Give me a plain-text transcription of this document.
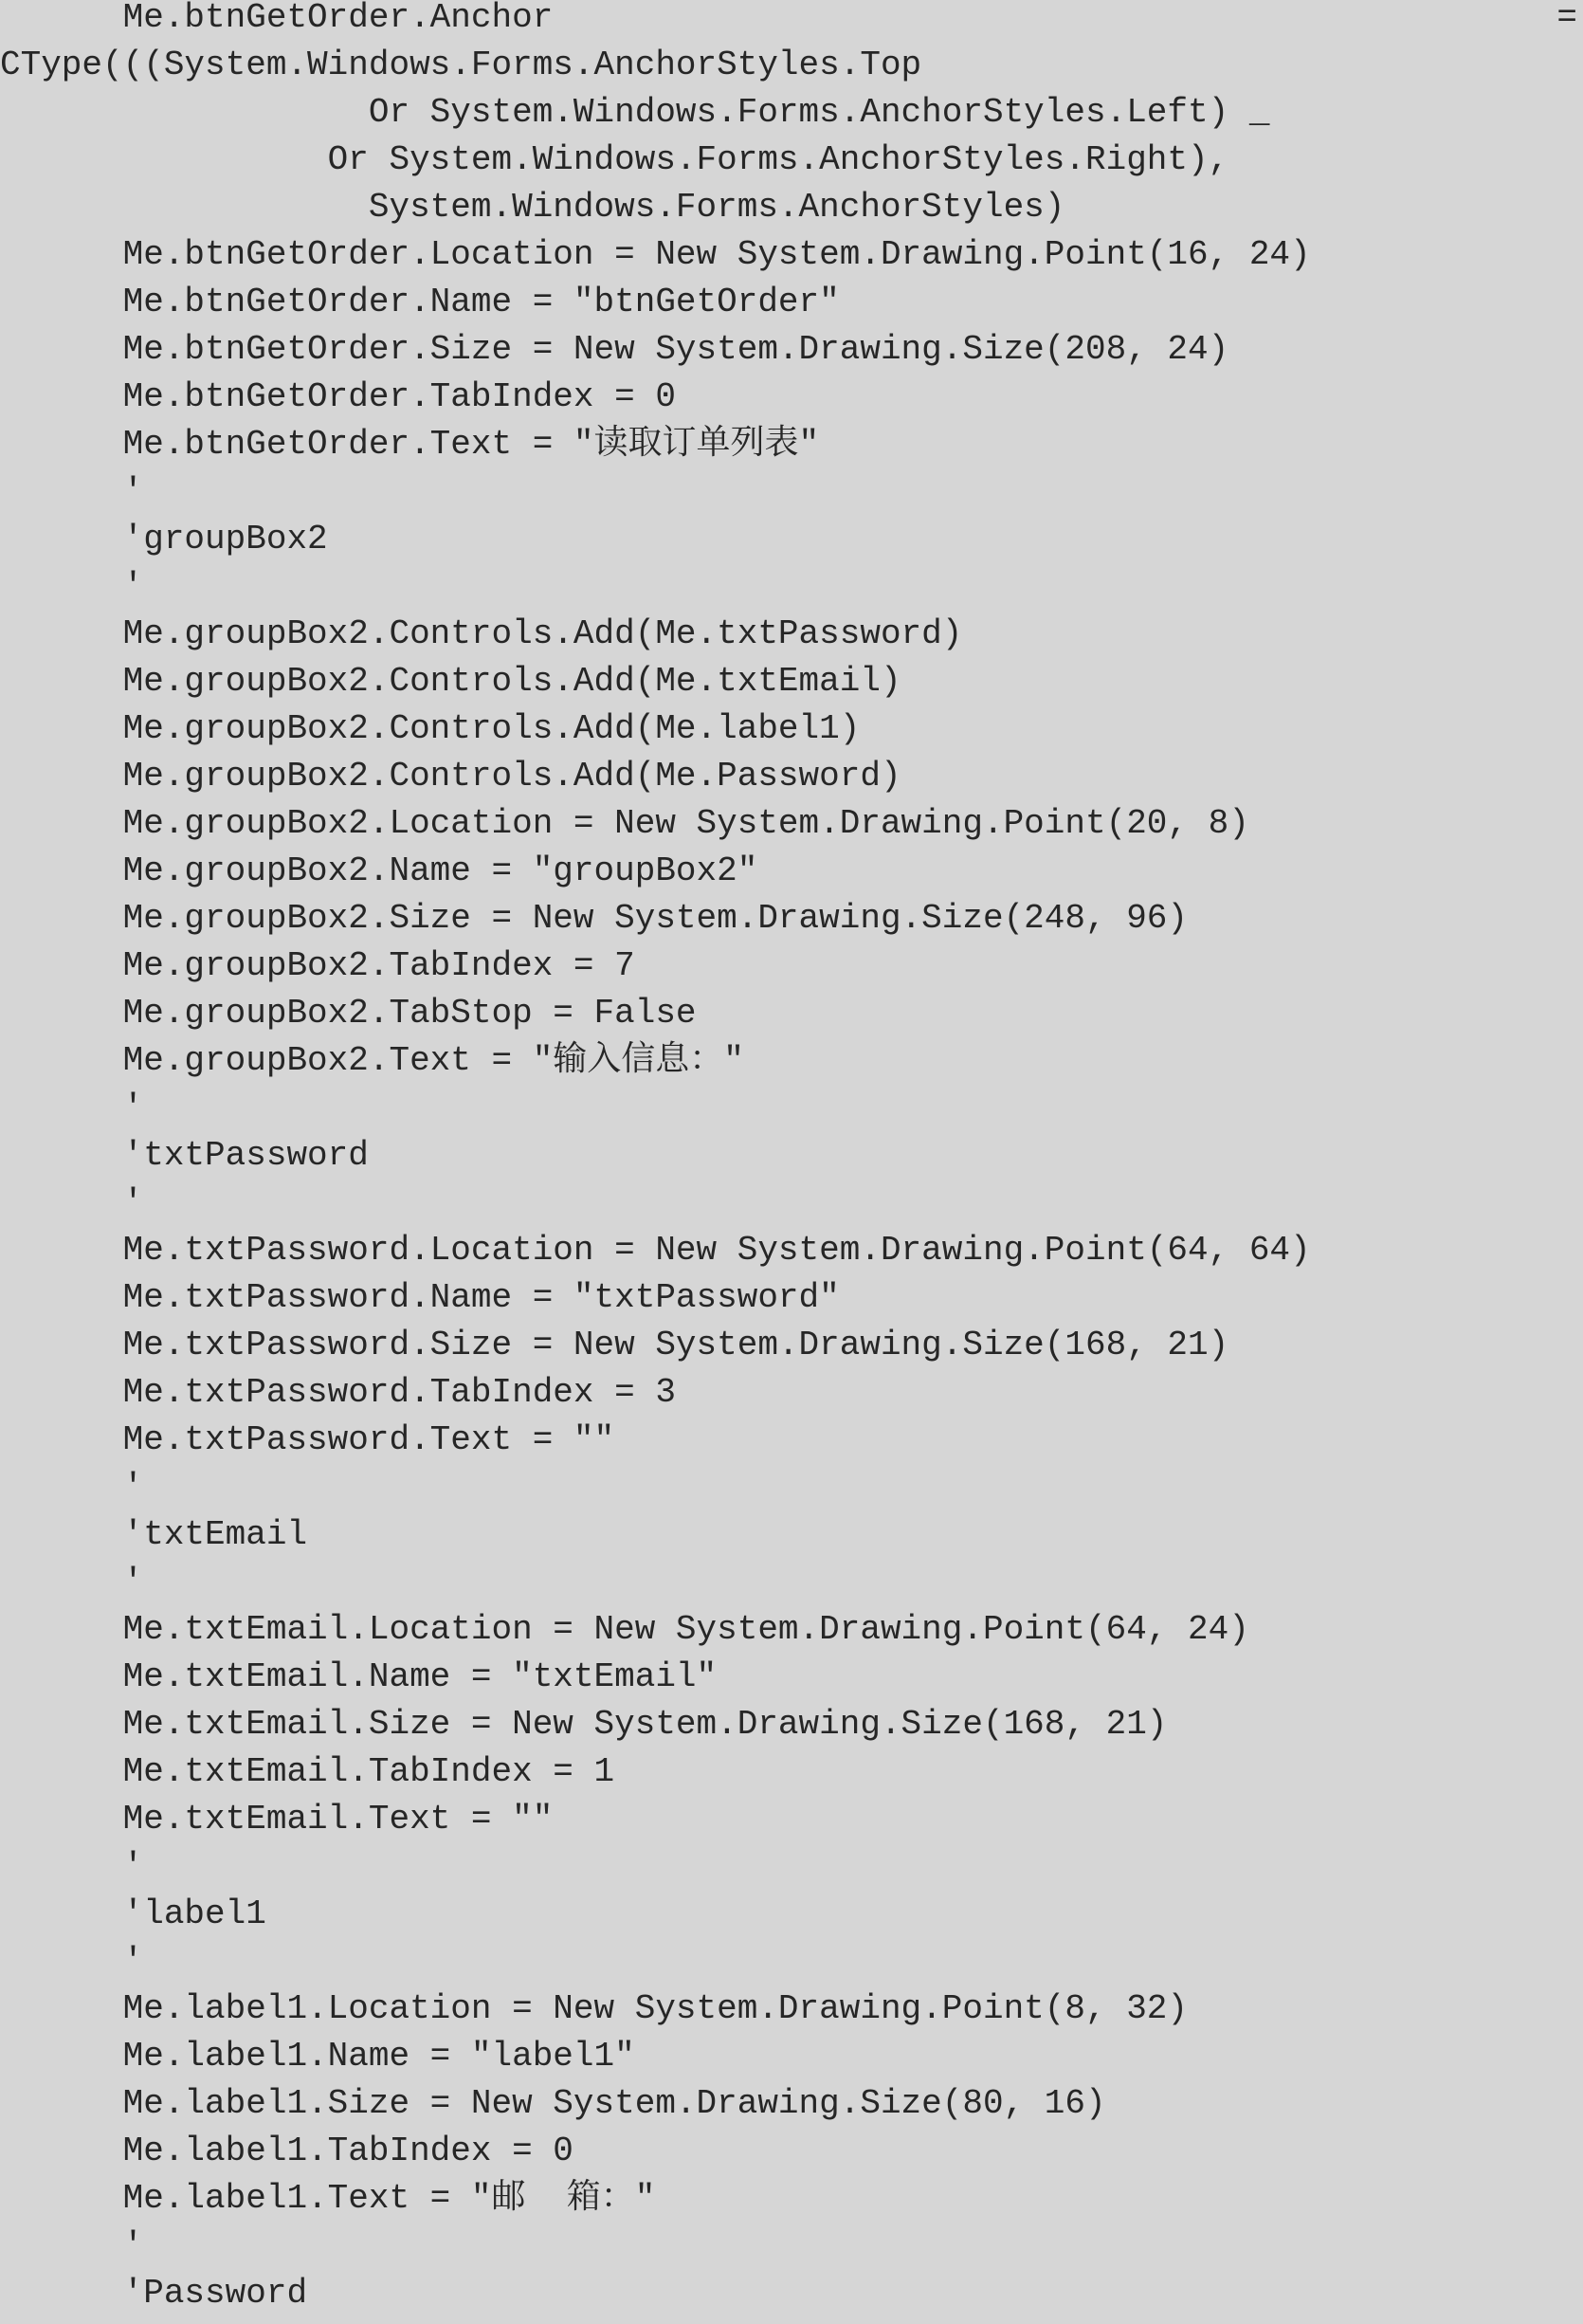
Me.btnGetOrder.Anchor
CType(((System.Windows.Forms.AnchorStyles.Top
Or System.Windows.Forms.AnchorStyles.Left) _
Or System.Windows.Forms.AnchorStyles.Right),
System.Windows.Forms.AnchorStyles)
Me.btnGetOrder.Location = New System.Drawing.Point(16, 24)
Me.btnGetOrder.Name = "btnGetOrder"
Me.btnGetOrder.Size = New System.Drawing.Size(208, 24)
Me.btnGetOrder.TabIndex = 0
Me.btnGetOrder.Text = "读取订单列表"
'
'groupBox2
'
Me.groupBox2.Controls.Add(Me.txtPassword)
Me.groupBox2.Controls.Add(Me.txtEmail)
Me.groupBox2.Controls.Add(Me.label1)
Me.groupBox2.Controls.Add(Me.Password)
Me.groupBox2.Location = New System.Drawing.Point(20, 8)
Me.groupBox2.Name = "groupBox2"
Me.groupBox2.Size = New System.Drawing.Size(248, 96)
Me.groupBox2.TabIndex = 7
Me.groupBox2.TabStop = False
Me.groupBox2.Text = "输入信息："
'
'txtPassword
'
Me.txtPassword.Location = New System.Drawing.Point(64, 64)
Me.txtPassword.Name = "txtPassword"
Me.txtPassword.Size = New System.Drawing.Size(168, 21)
Me.txtPassword.TabIndex = 3
Me.txtPassword.Text = ""
'
'txtEmail
'
Me.txtEmail.Location = New System.Drawing.Point(64, 24)
Me.txtEmail.Name = "txtEmail"
Me.txtEmail.Size = New System.Drawing.Size(168, 21)
Me.txtEmail.TabIndex = 1
Me.txtEmail.Text = ""
'
'label1
'
Me.label1.Location = New System.Drawing.Point(8, 32)
Me.label1.Name = "label1"
Me.label1.Size = New System.Drawing.Size(80, 16)
Me.label1.TabIndex = 0
Me.label1.Text = "邮  箱："
'
'Password
=
